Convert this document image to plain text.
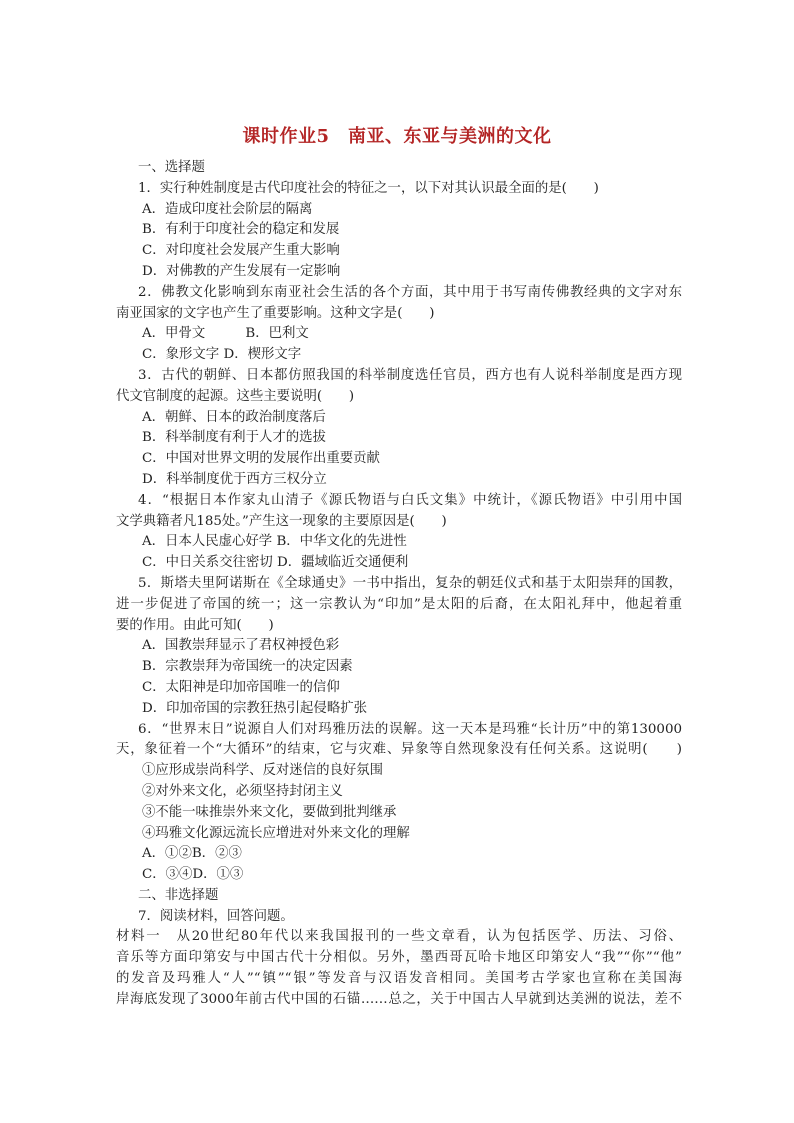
课时作业5　南亚、东亚与美洲的文化
一、选择题
1．实行种姓制度是古代印度社会的特征之一，以下对其认识最全面的是(　　)
A．造成印度社会阶层的隔离
B．有利于印度社会的稳定和发展
C．对印度社会发展产生重大影响
D．对佛教的产生发展有一定影响
2．佛教文化影响到东南亚社会生活的各个方面，其中用于书写南传佛教经典的文字对东
南亚国家的文字也产生了重要影响。这种文字是(　　)
A．甲骨文　　　B．巴利文
C．象形文字 D．楔形文字
3．古代的朝鲜、日本都仿照我国的科举制度选任官员，西方也有人说科举制度是西方现
代文官制度的起源。这些主要说明(　　)
A．朝鲜、日本的政治制度落后
B．科举制度有利于人才的选拔
C．中国对世界文明的发展作出重要贡献
D．科举制度优于西方三权分立
4．“根据日本作家丸山清子《源氏物语与白氏文集》中统计，《源氏物语》中引用中国
文学典籍者凡185处。”产生这一现象的主要原因是(　　)
A．日本人民虚心好学 B．中华文化的先进性
C．中日关系交往密切 D．疆域临近交通便利
5．斯塔夫里阿诺斯在《全球通史》一书中指出，复杂的朝廷仪式和基于太阳崇拜的国教，
进一步促进了帝国的统一；这一宗教认为“印加”是太阳的后裔，在太阳礼拜中，他起着重
要的作用。由此可知(　　)
A．国教崇拜显示了君权神授色彩
B．宗教崇拜为帝国统一的决定因素
C．太阳神是印加帝国唯一的信仰
D．印加帝国的宗教狂热引起侵略扩张
6．“世界末日”说源自人们对玛雅历法的误解。这一天本是玛雅“长计历”中的第130000
天，象征着一个“大循环”的结束，它与灾难、异象等自然现象没有任何关系。这说明(　　)
①应形成崇尚科学、反对迷信的良好氛围
②对外来文化，必须坚持封闭主义
③不能一味推崇外来文化，要做到批判继承
④玛雅文化源远流长应增进对外来文化的理解
A．①②B．②③
C．③④D．①③
二、非选择题
7．阅读材料，回答问题。
材料一　从20世纪80年代以来我国报刊的一些文章看，认为包括医学、历法、习俗、
音乐等方面印第安与中国古代十分相似。另外，墨西哥瓦哈卡地区印第安人“我”“你”“他”
的发音及玛雅人“人”“镇”“银”等发音与汉语发音相同。美国考古学家也宣称在美国海
岸海底发现了3000年前古代中国的石锚……总之，关于中国古人早就到达美洲的说法，差不
